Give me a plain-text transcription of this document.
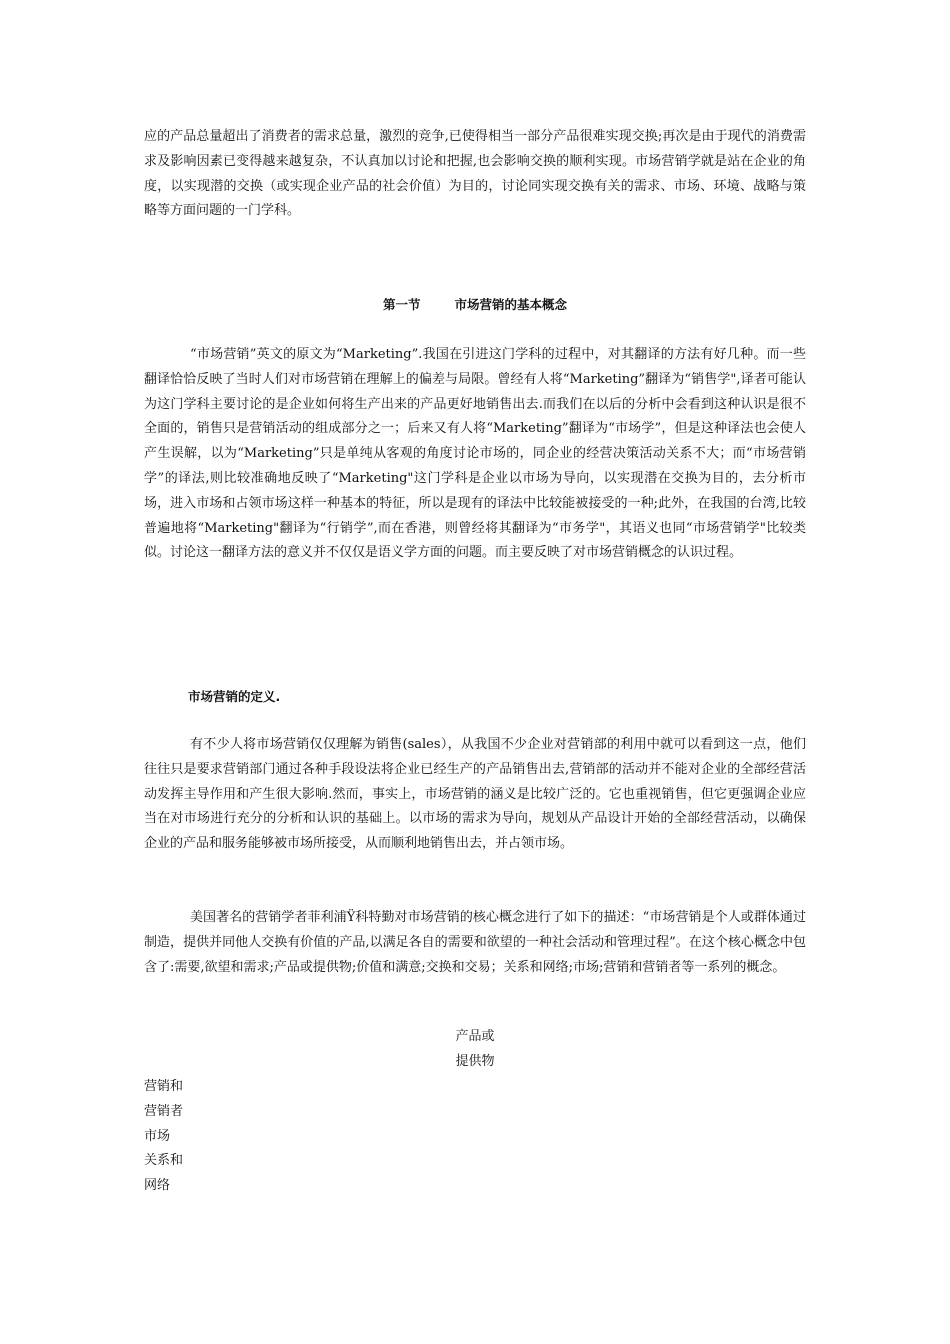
应的产品总量超出了消费者的需求总量，激烈的竞争,已使得相当一部分产品很难实现交换;再次是由于现代的消费需求及影响因素已变得越来越复杂，不认真加以讨论和把握,也会影响交换的顺利实现。市场营销学就是站在企业的角度，以实现潜的交换（或实现企业产品的社会价值）为目的，讨论同实现交换有关的需求、市场、环境、战略与策略等方面问题的一门学科。

第一节	市场营销的基本概念

“市场营销”英文的原文为“Marketing”.我国在引进这门学科的过程中，对其翻译的方法有好几种。而一些翻译恰恰反映了当时人们对市场营销在理解上的偏差与局限。曾经有人将“Marketing”翻译为“销售学",译者可能认为这门学科主要讨论的是企业如何将生产出来的产品更好地销售出去.而我们在以后的分析中会看到这种认识是很不全面的，销售只是营销活动的组成部分之一；后来又有人将“Marketing”翻译为“市场学”，但是这种译法也会使人产生误解，以为“Marketing”只是单纯从客观的角度讨论市场的，同企业的经营决策活动关系不大；而“市场营销学”的译法,则比较准确地反映了“Marketing"这门学科是企业以市场为导向，以实现潜在交换为目的，去分析市场，进入市场和占领市场这样一种基本的特征，所以是现有的译法中比较能被接受的一种;此外，在我国的台湾,比较普遍地将“Marketing"翻译为“行销学”,而在香港，则曾经将其翻译为“市务学"，其语义也同“市场营销学"比较类似。讨论这一翻译方法的意义并不仅仅是语义学方面的问题。而主要反映了对市场营销概念的认识过程。

市场营销的定义.

有不少人将市场营销仅仅理解为销售(sales），从我国不少企业对营销部的利用中就可以看到这一点，他们往往只是要求营销部门通过各种手段设法将企业已经生产的产品销售出去,营销部的活动并不能对企业的全部经营活动发挥主导作用和产生很大影响.然而，事实上，市场营销的涵义是比较广泛的。它也重视销售，但它更强调企业应当在对市场进行充分的分析和认识的基础上。以市场的需求为导向，规划从产品设计开始的全部经营活动，以确保企业的产品和服务能够被市场所接受，从而顺利地销售出去，并占领市场。

美国著名的营销学者菲利浦Ÿ科特勤对市场营销的核心概念进行了如下的描述：“市场营销是个人或群体通过制造，提供并同他人交换有价值的产品,以满足各自的需要和欲望的一种社会活动和管理过程”。在这个核心概念中包含了:需要,欲望和需求;产品或提供物;价值和满意;交换和交易；关系和网络;市场;营销和营销者等一系列的概念。

产品或
提供物
营销和
营销者
市场
关系和
网络
